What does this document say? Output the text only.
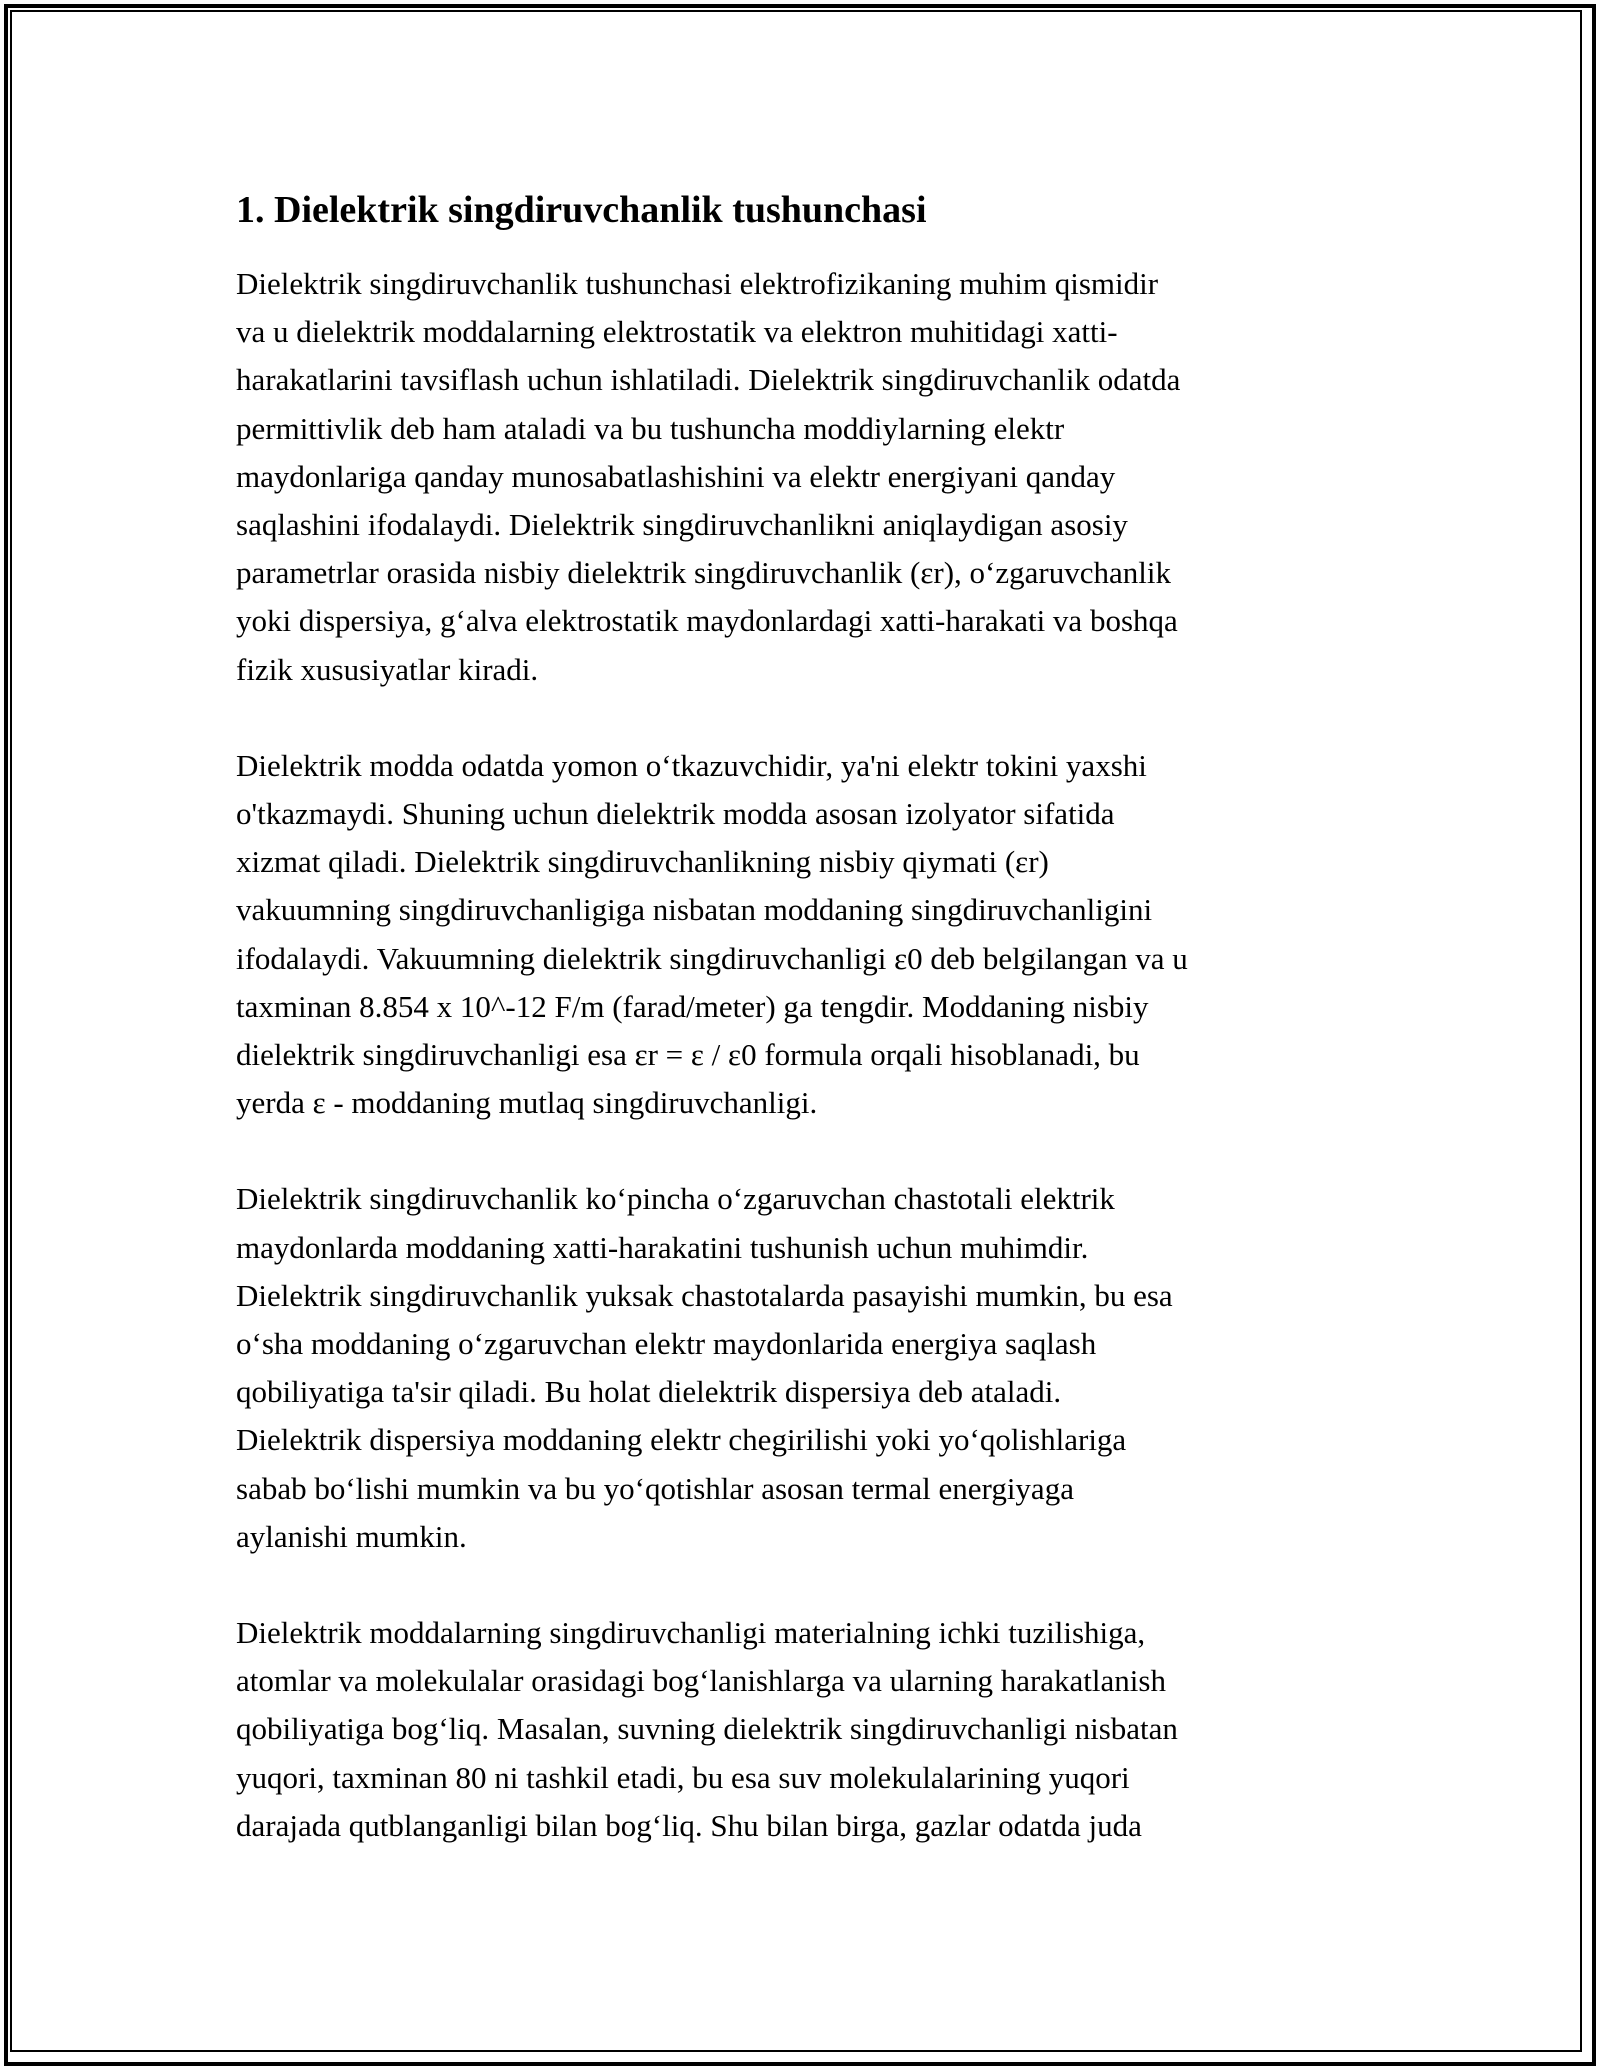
1. Dielektrik singdiruvchanlik tushunchasi

Dielektrik singdiruvchanlik tushunchasi elektrofizikaning muhim qismidir
va u dielektrik moddalarning elektrostatik va elektron muhitidagi xatti-
harakatlarini tavsiflash uchun ishlatiladi. Dielektrik singdiruvchanlik odatda
permittivlik deb ham ataladi va bu tushuncha moddiylarning elektr
maydonlariga qanday munosabatlashishini va elektr energiyani qanday
saqlashini ifodalaydi. Dielektrik singdiruvchanlikni aniqlaydigan asosiy
parametrlar orasida nisbiy dielektrik singdiruvchanlik (εr), oʻzgaruvchanlik
yoki dispersiya, gʻalva elektrostatik maydonlardagi xatti-harakati va boshqa
fizik xususiyatlar kiradi.

Dielektrik modda odatda yomon oʻtkazuvchidir, ya'ni elektr tokini yaxshi
o'tkazmaydi. Shuning uchun dielektrik modda asosan izolyator sifatida
xizmat qiladi. Dielektrik singdiruvchanlikning nisbiy qiymati (εr)
vakuumning singdiruvchanligiga nisbatan moddaning singdiruvchanligini
ifodalaydi. Vakuumning dielektrik singdiruvchanligi ε0 deb belgilangan va u
taxminan 8.854 x 10^-12 F/m (farad/meter) ga tengdir. Moddaning nisbiy
dielektrik singdiruvchanligi esa εr = ε / ε0 formula orqali hisoblanadi, bu
yerda ε - moddaning mutlaq singdiruvchanligi.

Dielektrik singdiruvchanlik koʻpincha oʻzgaruvchan chastotali elektrik
maydonlarda moddaning xatti-harakatini tushunish uchun muhimdir.
Dielektrik singdiruvchanlik yuksak chastotalarda pasayishi mumkin, bu esa
oʻsha moddaning oʻzgaruvchan elektr maydonlarida energiya saqlash
qobiliyatiga ta'sir qiladi. Bu holat dielektrik dispersiya deb ataladi.
Dielektrik dispersiya moddaning elektr chegirilishi yoki yoʻqolishlariga
sabab boʻlishi mumkin va bu yoʻqotishlar asosan termal energiyaga
aylanishi mumkin.

Dielektrik moddalarning singdiruvchanligi materialning ichki tuzilishiga,
atomlar va molekulalar orasidagi bogʻlanishlarga va ularning harakatlanish
qobiliyatiga bogʻliq. Masalan, suvning dielektrik singdiruvchanligi nisbatan
yuqori, taxminan 80 ni tashkil etadi, bu esa suv molekulalarining yuqori
darajada qutblanganligi bilan bogʻliq. Shu bilan birga, gazlar odatda juda
